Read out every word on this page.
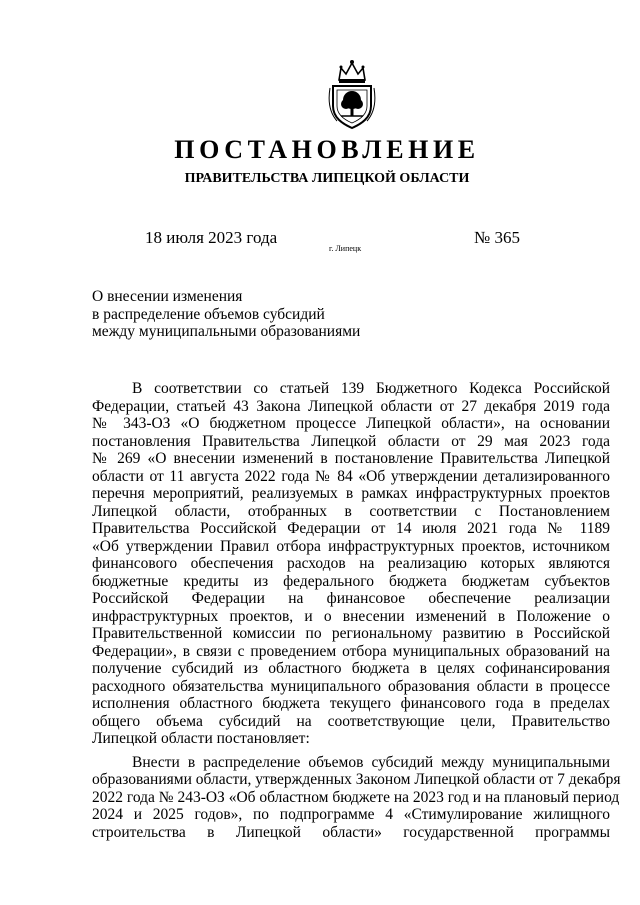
ПОСТАНОВЛЕНИЕ
ПРАВИТЕЛЬСТВА ЛИПЕЦКОЙ ОБЛАСТИ
18 июля 2023 года
г. Липецк
№ 365
О внесении изменения
в распределение объемов субсидий
между муниципальными образованиями
В соответствии со статьей 139 Бюджетного Кодекса Российской
Федерации, статьей 43 Закона Липецкой области от 27 декабря 2019 года
№ 343-ОЗ «О бюджетном процессе Липецкой области», на основании
постановления Правительства Липецкой области от 29 мая 2023 года
№ 269 «О внесении изменений в постановление Правительства Липецкой
области от 11 августа 2022 года № 84 «Об утверждении детализированного
перечня мероприятий, реализуемых в рамках инфраструктурных проектов
Липецкой области, отобранных в соответствии с Постановлением
Правительства Российской Федерации от 14 июля 2021 года № 1189
«Об утверждении Правил отбора инфраструктурных проектов, источником
финансового обеспечения расходов на реализацию которых являются
бюджетные кредиты из федерального бюджета бюджетам субъектов
Российской Федерации на финансовое обеспечение реализации
инфраструктурных проектов, и о внесении изменений в Положение о
Правительственной комиссии по региональному развитию в Российской
Федерации», в связи с проведением отбора муниципальных образований на
получение субсидий из областного бюджета в целях софинансирования
расходного обязательства муниципального образования области в процессе
исполнения областного бюджета текущего финансового года в пределах
общего объема субсидий на соответствующие цели, Правительство
Липецкой области постановляет:
Внести в распределение объемов субсидий между муниципальными
образованиями области, утвержденных Законом Липецкой области от 7 декабря
2022 года № 243-ОЗ «Об областном бюджете на 2023 год и на плановый период
2024 и 2025 годов», по подпрограмме 4 «Стимулирование жилищного
строительства в Липецкой области» государственной программы
